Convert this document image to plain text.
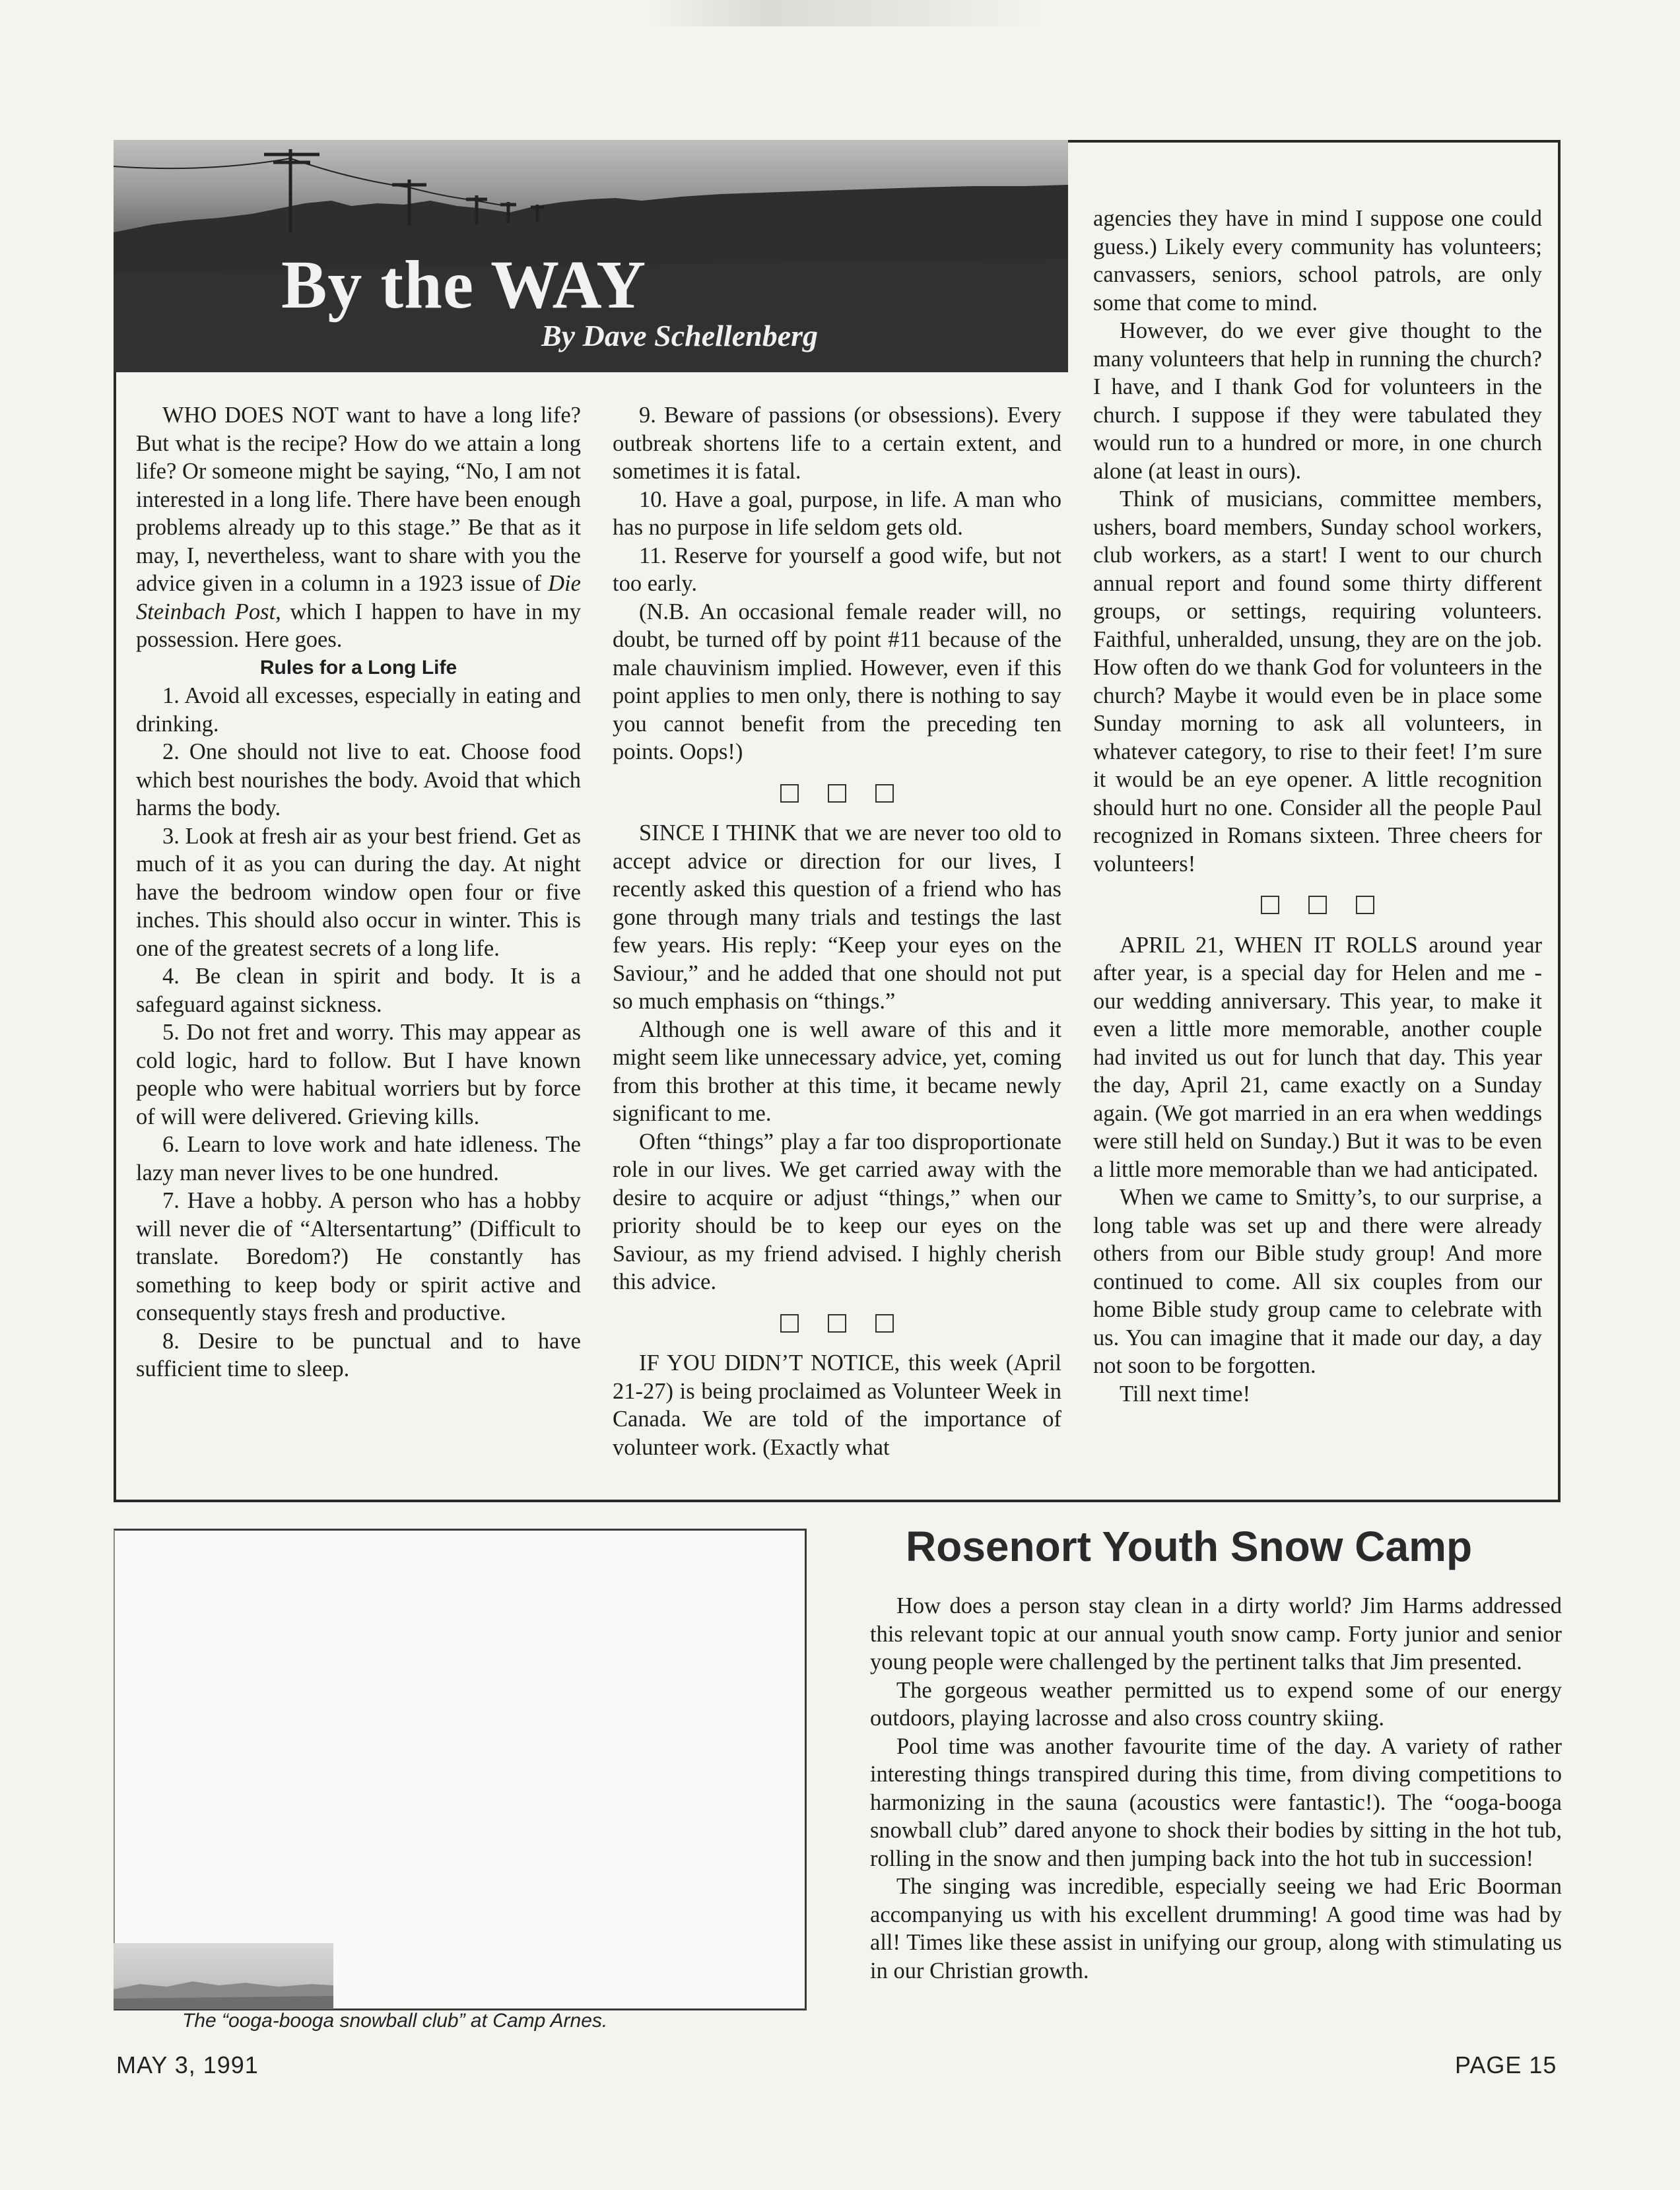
By the WAY
By Dave Schellenberg

WHO DOES NOT want to have a long life? But what is the recipe? How do we attain a long life? Or someone might be saying, “No, I am not interested in a long life. There have been enough problems already up to this stage.” Be that as it may, I, nevertheless, want to share with you the advice given in a column in a 1923 issue of Die Steinbach Post, which I happen to have in my possession. Here goes.

Rules for a Long Life

1. Avoid all excesses, especially in eating and drinking.

2. One should not live to eat. Choose food which best nourishes the body. Avoid that which harms the body.

3. Look at fresh air as your best friend. Get as much of it as you can during the day. At night have the bedroom window open four or five inches. This should also occur in winter. This is one of the greatest secrets of a long life.

4. Be clean in spirit and body. It is a safeguard against sickness.

5. Do not fret and worry. This may appear as cold logic, hard to follow. But I have known people who were habitual worriers but by force of will were delivered. Grieving kills.

6. Learn to love work and hate idleness. The lazy man never lives to be one hundred.

7. Have a hobby. A person who has a hobby will never die of “Altersentartung” (Difficult to translate. Boredom?) He constantly has something to keep body or spirit active and consequently stays fresh and productive.

8. Desire to be punctual and to have sufficient time to sleep.

9. Beware of passions (or obsessions). Every outbreak shortens life to a certain extent, and sometimes it is fatal.

10. Have a goal, purpose, in life. A man who has no purpose in life seldom gets old.

11. Reserve for yourself a good wife, but not too early.

(N.B. An occasional female reader will, no doubt, be turned off by point #11 because of the male chauvinism implied. However, even if this point applies to men only, there is nothing to say you cannot benefit from the preceding ten points. Oops!)

SINCE I THINK that we are never too old to accept advice or direction for our lives, I recently asked this question of a friend who has gone through many trials and testings the last few years. His reply: “Keep your eyes on the Saviour,” and he added that one should not put so much emphasis on “things.”

Although one is well aware of this and it might seem like unnecessary advice, yet, coming from this brother at this time, it became newly significant to me.

Often “things” play a far too disproportionate role in our lives. We get carried away with the desire to acquire or adjust “things,” when our priority should be to keep our eyes on the Saviour, as my friend advised. I highly cherish this advice.

IF YOU DIDN’T NOTICE, this week (April 21-27) is being proclaimed as Volunteer Week in Canada. We are told of the importance of volunteer work. (Exactly what

agencies they have in mind I suppose one could guess.) Likely every community has volunteers; canvassers, seniors, school patrols, are only some that come to mind.

However, do we ever give thought to the many volunteers that help in running the church? I have, and I thank God for volunteers in the church. I suppose if they were tabulated they would run to a hundred or more, in one church alone (at least in ours).

Think of musicians, committee members, ushers, board members, Sunday school workers, club workers, as a start! I went to our church annual report and found some thirty different groups, or settings, requiring volunteers. Faithful, unheralded, unsung, they are on the job. How often do we thank God for volunteers in the church? Maybe it would even be in place some Sunday morning to ask all volunteers, in whatever category, to rise to their feet! I’m sure it would be an eye opener. A little recognition should hurt no one. Consider all the people Paul recognized in Romans sixteen. Three cheers for volunteers!

APRIL 21, WHEN IT ROLLS around year after year, is a special day for Helen and me - our wedding anniversary. This year, to make it even a little more memorable, another couple had invited us out for lunch that day. This year the day, April 21, came exactly on a Sunday again. (We got married in an era when weddings were still held on Sunday.) But it was to be even a little more memorable than we had anticipated.

When we came to Smitty’s, to our surprise, a long table was set up and there were already others from our Bible study group! And more continued to come. All six couples from our home Bible study group came to celebrate with us. You can imagine that it made our day, a day not soon to be forgotten.

Till next time!

The “ooga-booga snowball club” at Camp Arnes.
Rosenort Youth Snow Camp

How does a person stay clean in a dirty world? Jim Harms addressed this relevant topic at our annual youth snow camp. Forty junior and senior young people were challenged by the pertinent talks that Jim presented.

The gorgeous weather permitted us to expend some of our energy outdoors, playing lacrosse and also cross country skiing.

Pool time was another favourite time of the day. A variety of rather interesting things transpired during this time, from diving competitions to harmonizing in the sauna (acoustics were fantastic!). The “ooga-booga snowball club” dared anyone to shock their bodies by sitting in the hot tub, rolling in the snow and then jumping back into the hot tub in succession!

The singing was incredible, especially seeing we had Eric Boorman accompanying us with his excellent drumming! A good time was had by all! Times like these assist in unifying our group, along with stimulating us in our Christian growth.

MAY 3, 1991	PAGE 15
